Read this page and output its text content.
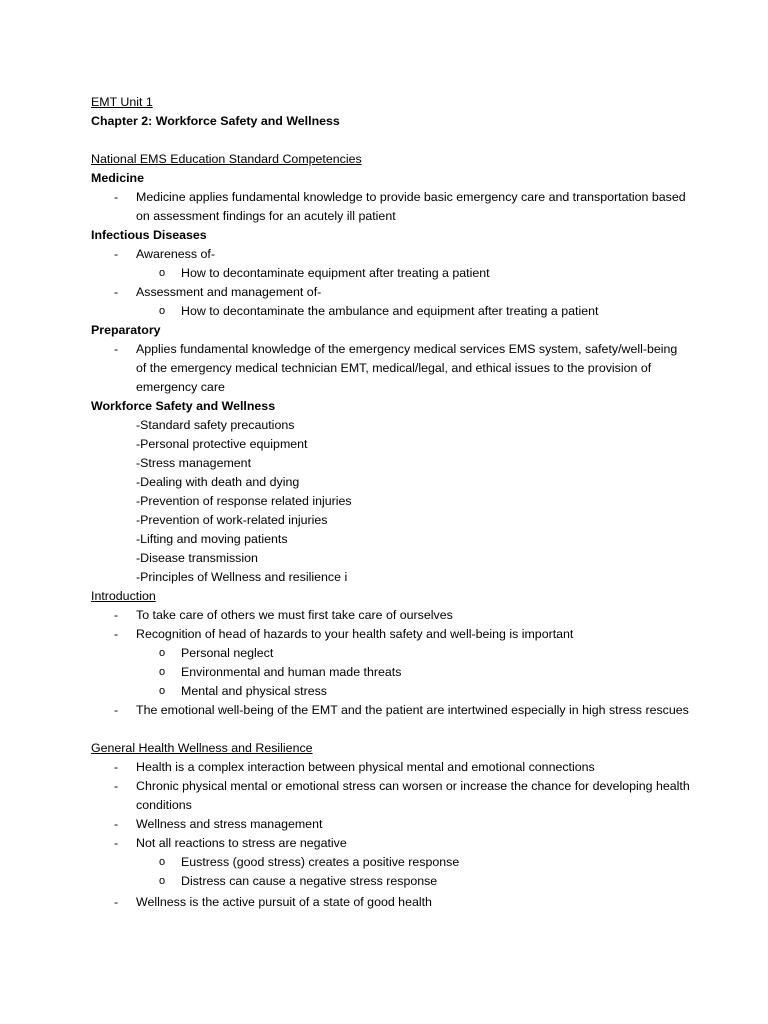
EMT Unit 1
Chapter 2: Workforce Safety and Wellness
National EMS Education Standard Competencies
Medicine
- Medicine applies fundamental knowledge to provide basic emergency care and transportation based on assessment findings for an acutely ill patient
Infectious Diseases
- Awareness of-
o How to decontaminate equipment after treating a patient
- Assessment and management of-
o How to decontaminate the ambulance and equipment after treating a patient
Preparatory
- Applies fundamental knowledge of the emergency medical services EMS system, safety/well-being of the emergency medical technician EMT, medical/legal, and ethical issues to the provision of emergency care
Workforce Safety and Wellness
-Standard safety precautions
-Personal protective equipment
-Stress management
-Dealing with death and dying
-Prevention of response related injuries
-Prevention of work-related injuries
-Lifting and moving patients
-Disease transmission
-Principles of Wellness and resilience i
Introduction
- To take care of others we must first take care of ourselves
- Recognition of head of hazards to your health safety and well-being is important
o Personal neglect
o Environmental and human made threats
o Mental and physical stress
- The emotional well-being of the EMT and the patient are intertwined especially in high stress rescues
General Health Wellness and Resilience
- Health is a complex interaction between physical mental and emotional connections
- Chronic physical mental or emotional stress can worsen or increase the chance for developing health conditions
- Wellness and stress management
- Not all reactions to stress are negative
o Eustress (good stress) creates a positive response
o Distress can cause a negative stress response
- Wellness is the active pursuit of a state of good health
